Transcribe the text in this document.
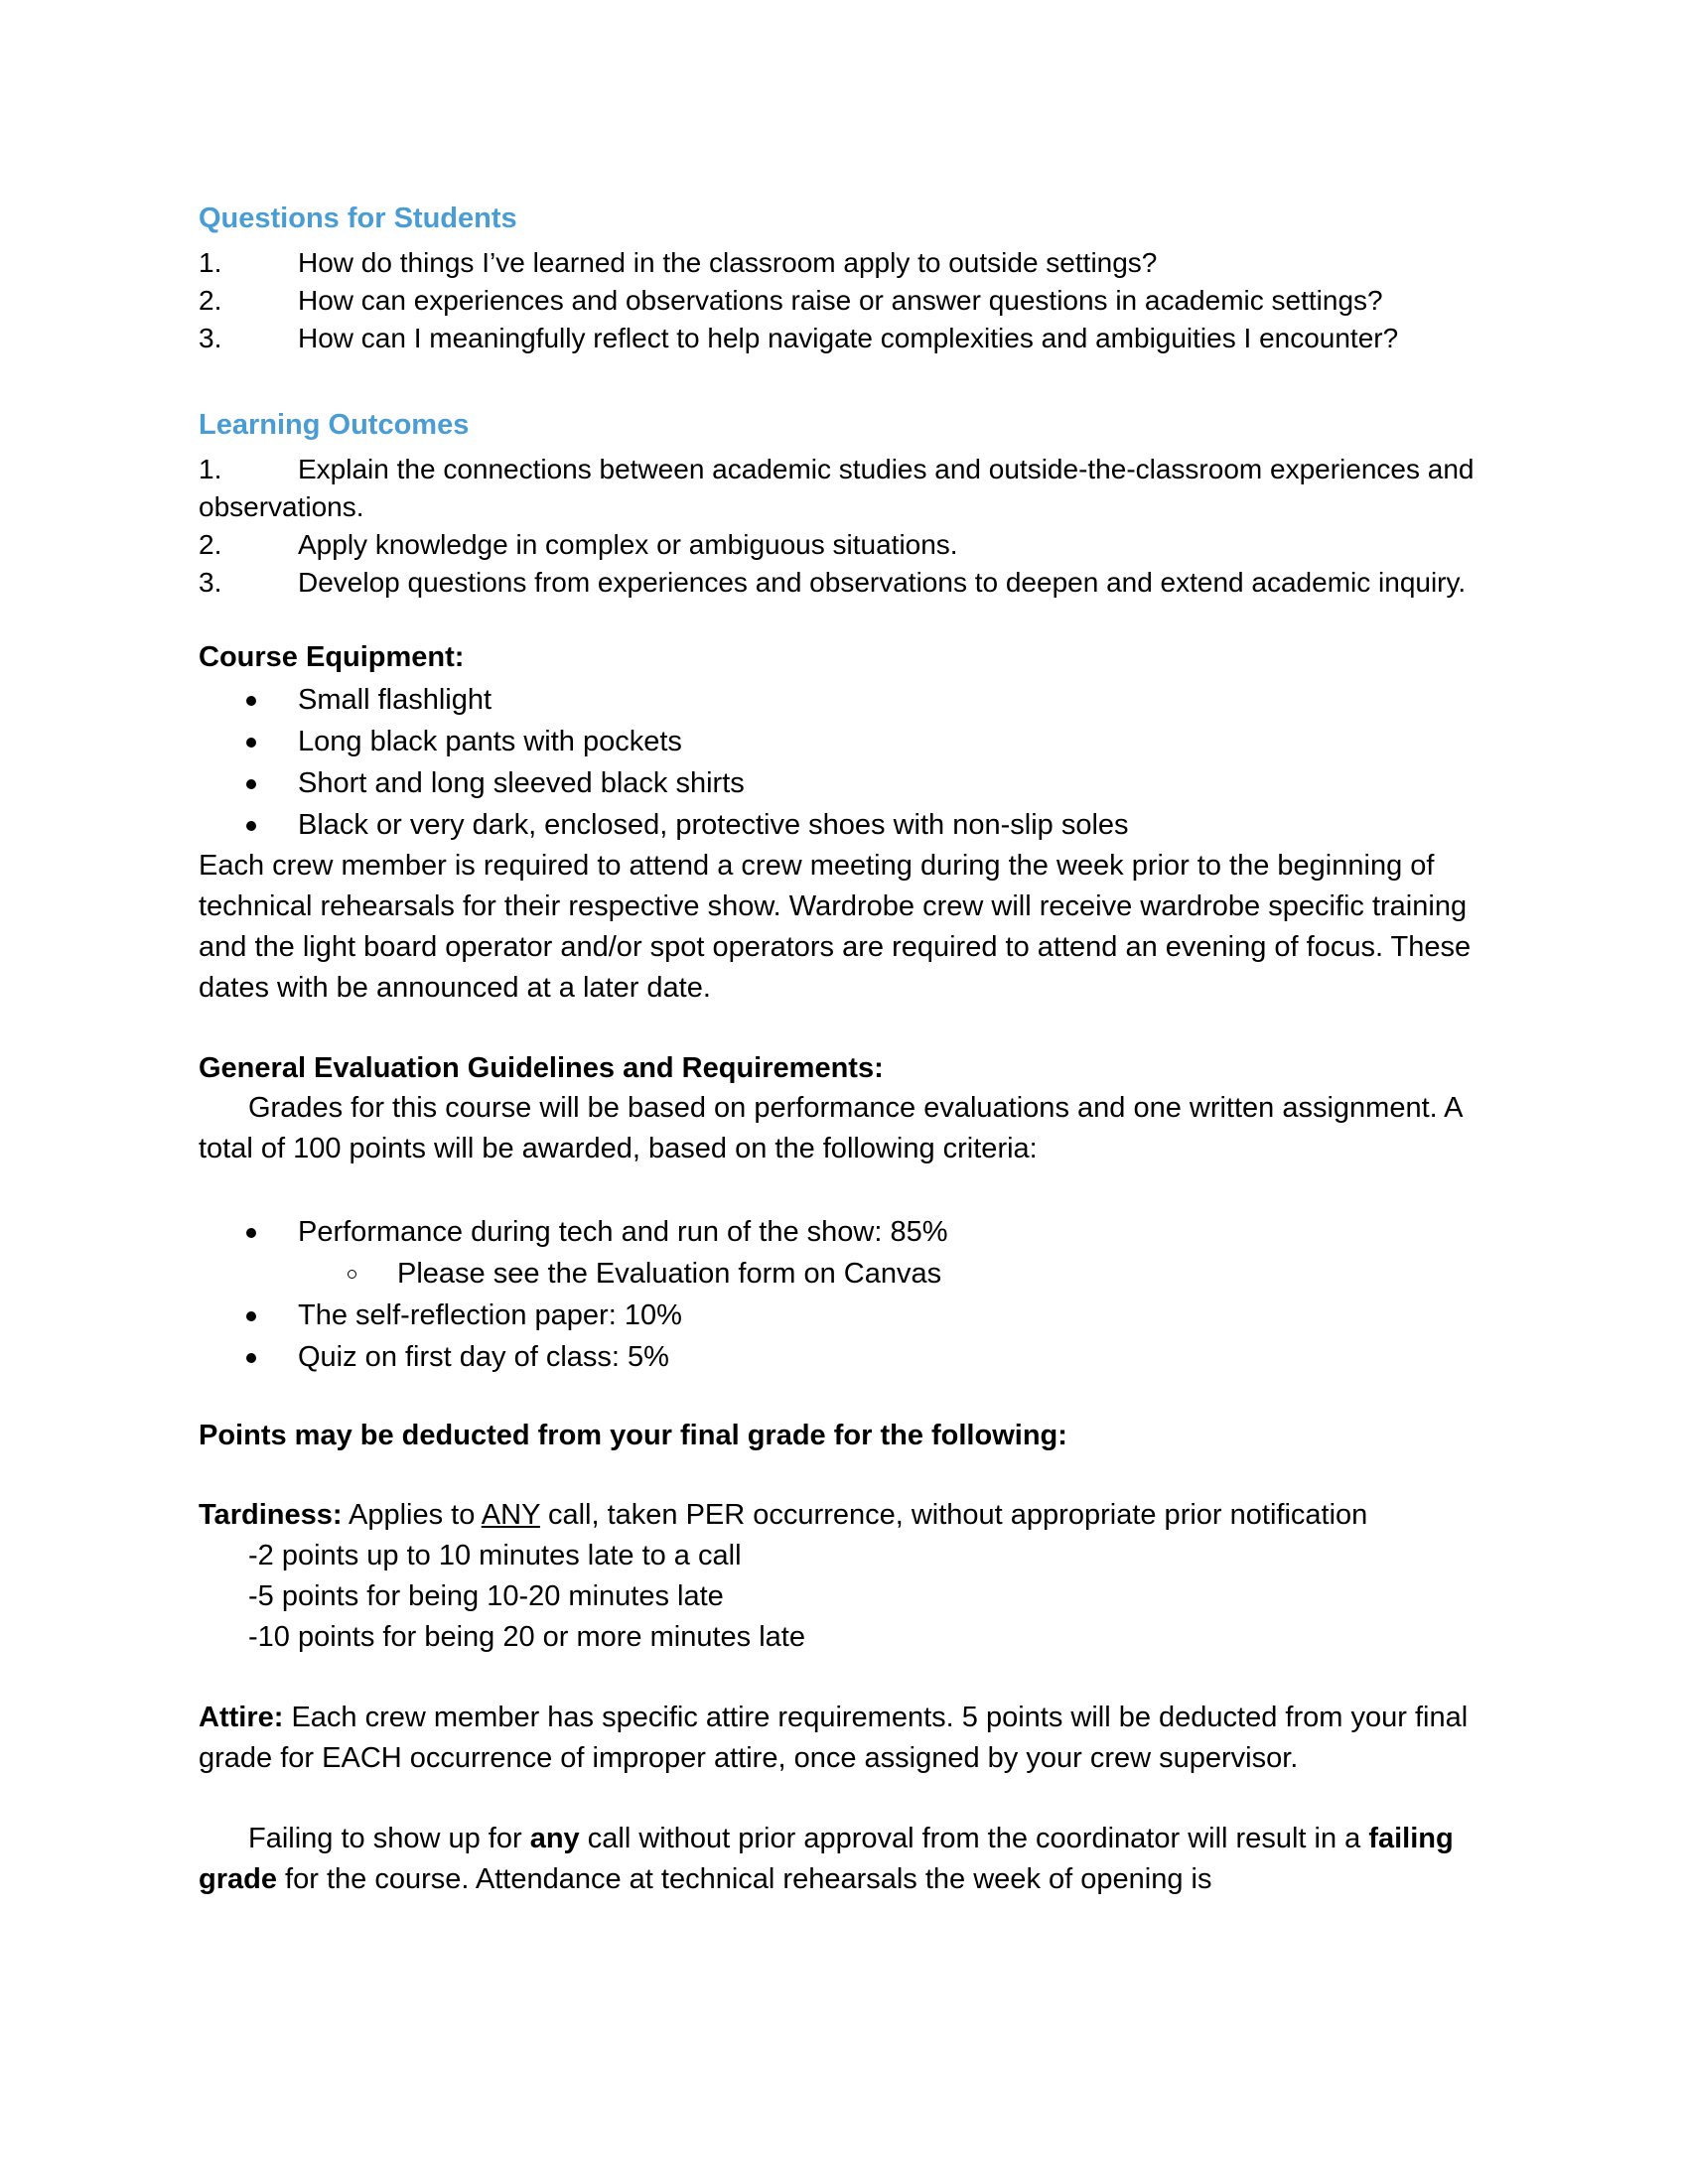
Questions for Students
1.	How do things I’ve learned in the classroom apply to outside settings?
2.	How can experiences and observations raise or answer questions in academic settings?
3.	How can I meaningfully reflect to help navigate complexities and ambiguities I encounter?
Learning Outcomes
1.	Explain the connections between academic studies and outside-the-classroom experiences and observations.
2.	Apply knowledge in complex or ambiguous situations.
3.	Develop questions from experiences and observations to deepen and extend academic inquiry.

Course Equipment:

Small flashlight
Long black pants with pockets
Short and long sleeved black shirts
Black or very dark, enclosed, protective shoes with non-slip soles

Each crew member is required to attend a crew meeting during the week prior to the beginning of technical rehearsals for their respective show. Wardrobe crew will receive wardrobe specific training and the light board operator and/or spot operators are required to attend an evening of focus. These dates with be announced at a later date.

General Evaluation Guidelines and Requirements:

Grades for this course will be based on performance evaluations and one written assignment. A total of 100 points will be awarded, based on the following criteria:

Performance during tech and run of the show: 85%
Please see the Evaluation form on Canvas
The self-reflection paper: 10%
Quiz on first day of class: 5%

Points may be deducted from your final grade for the following:

Tardiness: Applies to ANY call, taken PER occurrence, without appropriate prior notification

-2 points up to 10 minutes late to a call

-5 points for being 10-20 minutes late

-10 points for being 20 or more minutes late

Attire: Each crew member has specific attire requirements. 5 points will be deducted from your final grade for EACH occurrence of improper attire, once assigned by your crew supervisor.

Failing to show up for any call without prior approval from the coordinator will result in a failing grade for the course. Attendance at technical rehearsals the week of opening is
